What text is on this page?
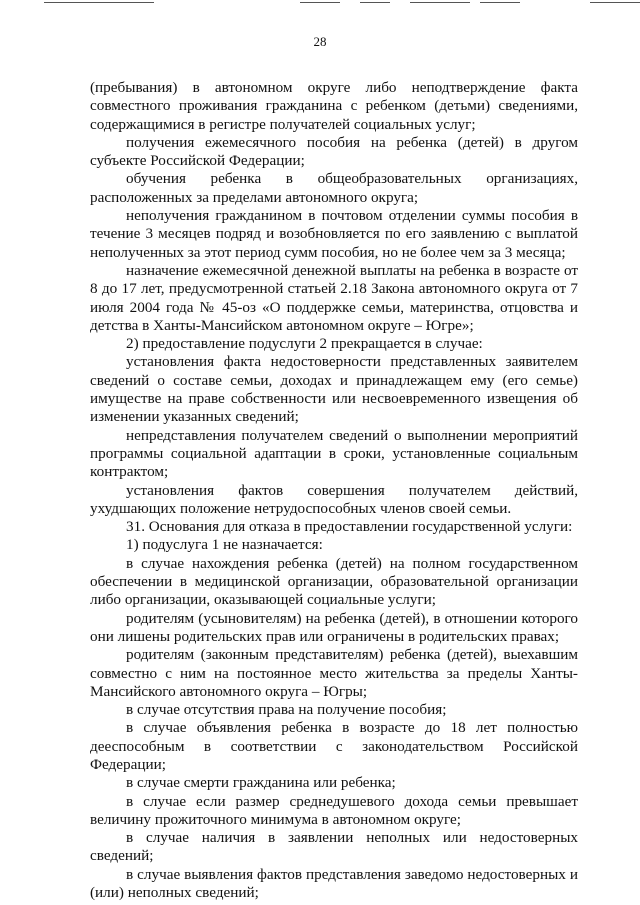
28

(пребывания) в автономном округе либо неподтверждение факта совместного проживания гражданина с ребенком (детьми) сведениями, содержащимися в регистре получателей социальных услуг;

получения ежемесячного пособия на ребенка (детей) в другом субъекте Российской Федерации;

обучения ребенка в общеобразовательных организациях, расположенных за пределами автономного округа;

неполучения гражданином в почтовом отделении суммы пособия в течение 3 месяцев подряд и возобновляется по его заявлению с выплатой неполученных за этот период сумм пособия, но не более чем за 3 месяца;

назначение ежемесячной денежной выплаты на ребенка в возрасте от 8 до 17 лет, предусмотренной статьей 2.18 Закона автономного округа от 7 июля 2004 года № 45-оз «О поддержке семьи, материнства, отцовства и детства в Ханты-Мансийском автономном округе – Югре»;

2) предоставление подуслуги 2 прекращается в случае:

установления факта недостоверности представленных заявителем сведений о составе семьи, доходах и принадлежащем ему (его семье) имуществе на праве собственности или несвоевременного извещения об изменении указанных сведений;

непредставления получателем сведений о выполнении мероприятий программы социальной адаптации в сроки, установленные социальным контрактом;

установления фактов совершения получателем действий, ухудшающих положение нетрудоспособных членов своей семьи.

31. Основания для отказа в предоставлении государственной услуги:

1) подуслуга 1 не назначается:

в случае нахождения ребенка (детей) на полном государственном обеспечении в медицинской организации, образовательной организации либо организации, оказывающей социальные услуги;

родителям (усыновителям) на ребенка (детей), в отношении которого они лишены родительских прав или ограничены в родительских правах;

родителям (законным представителям) ребенка (детей), выехавшим совместно с ним на постоянное место жительства за пределы Ханты-Мансийского автономного округа – Югры;

в случае отсутствия права на получение пособия;

в случае объявления ребенка в возрасте до 18 лет полностью дееспособным в соответствии с законодательством Российской Федерации;

в случае смерти гражданина или ребенка;

в случае если размер среднедушевого дохода семьи превышает величину прожиточного минимума в автономном округе;

в случае наличия в заявлении неполных или недостоверных сведений;

в случае выявления фактов представления заведомо недостоверных и (или) неполных сведений;
